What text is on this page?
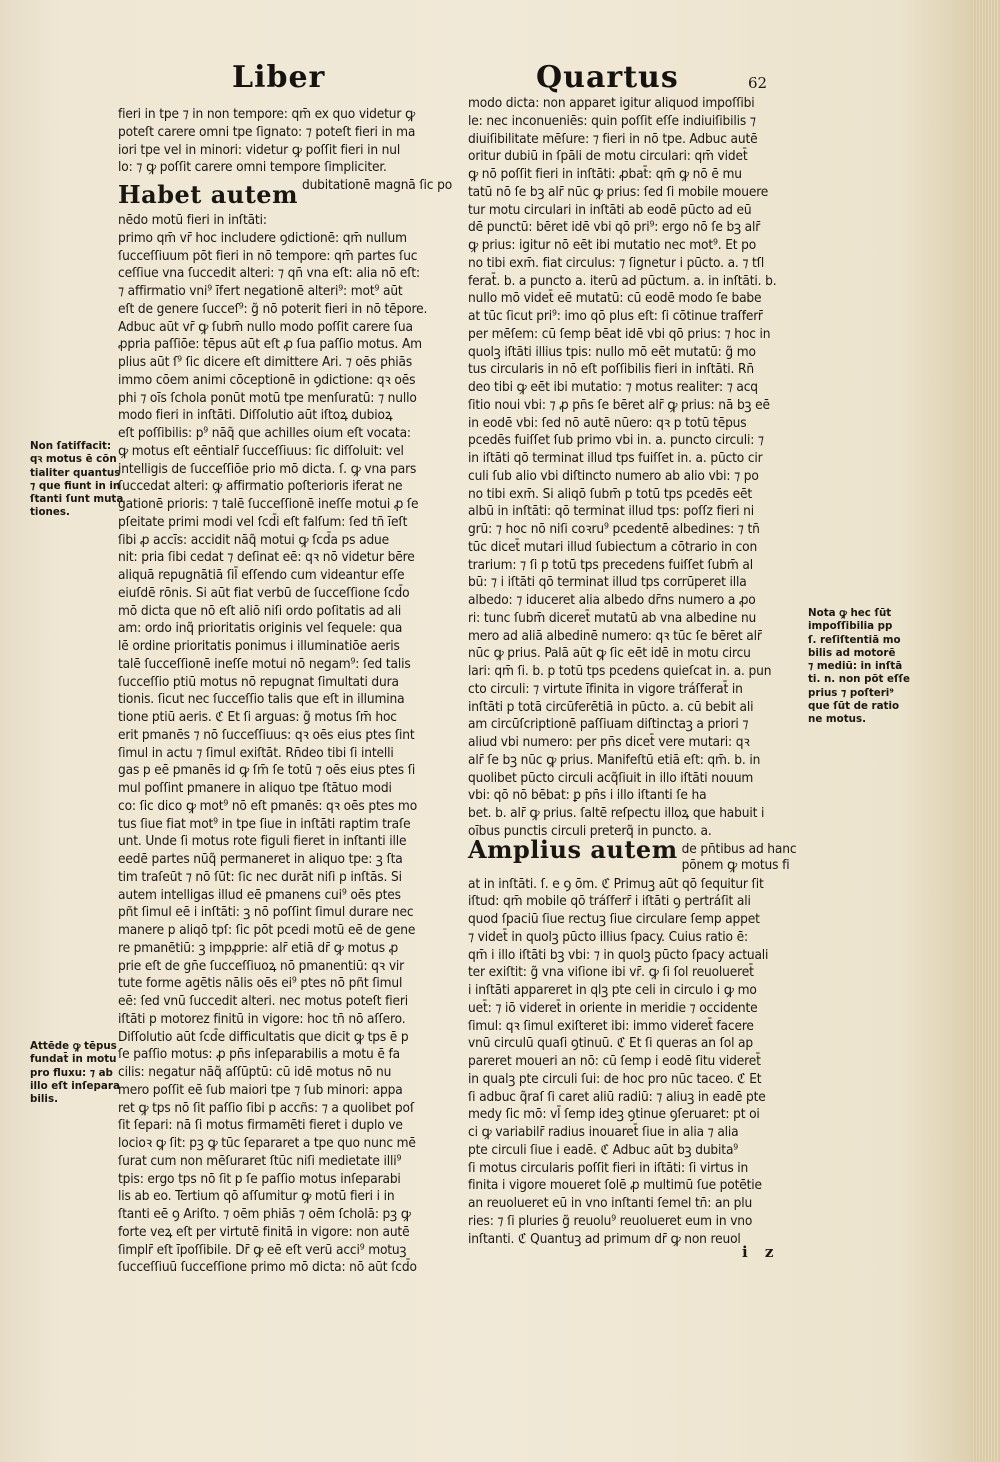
Liber	Quartus	62
fieri in tpe ⁊ in non tempore: qm̄ ex quo videtur ꝙ
poteſt carere omni tpe ſignato: ⁊ poteſt fieri in ma
iori tpe vel in minori: videtur ꝙ poſſit fieri in nul
lo: ⁊ ꝙ poſſit carere omni tempore ſimpliciter.
Habet autem dubitationē magnā ſic po
nēdo motū fieri in inſtāti:
primo qm̄ vr̄ hoc includere ꝯdictionē: qm̄ nullum
ſucceſſiuum pōt fieri in nō tempore: qm̄ partes ſuc
ceſſiue vna ſuccedit alteri: ⁊ qn̄ vna eſt: alia nō eſt:
⁊ affirmatio vni⁹ īfert negationē alteri⁹: mot⁹ aūt
eſt de genere ſucceſ⁹: g̃ nō poterit fieri in nō tēpore.
Adbuc aūt vr̄ ꝙ ſubm̄ nullo modo poſſit carere ſua
ꝓpria paſſiōe: tēpus aūt eſt ꝓ ſua paſſio motus. Am
plius aūt ſ⁹ ſic dicere eſt dimittere Ari. ⁊ oēs phiās
immo cōem animi cōceptionē in ꝯdictione: qꝛ oēs
phi ⁊ oīs ſchola ponūt motū tpe menſuratū: ⁊ nullo
modo fieri in inſtāti. Diſſolutio aūt iſtoꝝ dubioꝝ
eſt poſſibilis: p⁹ nāq̃ que achilles oium eſt vocata:
ꝙ motus eſt eēntialr̄ ſucceſſiuus: ſic diſſoluit: vel
intelligis de ſucceſſiōe prio mō dicta. ſ. ꝙ vna pars
ſuccedat alteri: ꝙ affirmatio poſterioris iferat ne
gationē prioris: ⁊ talē ſucceſſionē ineſſe motui ꝓ ſe
pſeitate primi modi vel ſcd̄i eſt falſum: ſed tn̄ īeſt
ſibi ꝓ accīs: accidit nāq̃ motui ꝙ ſcd̄a ps adue
nit: pria ſibi cedat ⁊ deſinat eē: qꝛ nō videtur bēre
aliquā repugnātiā ſil̄ eſſendo cum videantur eſſe
eiuſdē rōnis. Si aūt fiat verbū de ſucceſſione ſcd̄o
mō dicta que nō eſt aliō niſi ordo poſitatis ad ali
am: ordo inq̃ prioritatis originis vel ſequele: qua
lē ordine prioritatis ponimus i illuminatiōe aeris
talē ſucceſſionē ineſſe motui nō negam⁹: ſed talis
ſucceſſio ptiū motus nō repugnat ſimultati dura
tionis. ſicut nec ſucceſſio talis que eſt in illumina
tione ptiū aeris. ℭ Et ſi arguas: g̃ motus ſm̄ hoc
erit pmanēs ⁊ nō ſucceſſiuus: qꝛ oēs eius ptes ſint
ſimul in actu ⁊ ſimul exiſtāt. Rn̄deo tibi ſi intelli
gas p eē pmanēs id ꝙ ſm̄ ſe totū ⁊ oēs eius ptes ſi
mul poſſint pmanere in aliquo tpe ſtātuo modi
co: ſic dico ꝙ mot⁹ nō eſt pmanēs: qꝛ oēs ptes mo
tus ſiue fiat mot⁹ in tpe ſiue in inſtāti raptim traſe
unt. Unde ſi motus rote figuli fieret in inſtanti ille
eedē partes nūq̃ permaneret in aliquo tpe: ꝫ ſta
tim traſeūt ⁊ nō ſūt: ſic nec durāt niſi p inſtās. Si
autem intelligas illud eē pmanens cui⁹ oēs ptes
pñt ſimul eē i inſtāti: ꝫ nō poſſint ſimul durare nec
manere p aliqō tpſ: ſic pōt pcedi motū eē de gene
re pmanētiū: ꝫ impꝓprie: alr̄ etiā dr̄ ꝙ motus ꝓ
prie eſt de gn̄e ſucceſſiuoꝝ nō pmanentiū: qꝛ vir
tute forme agētis nālis oēs ei⁹ ptes nō pñt ſimul
eē: ſed vnū ſuccedit alteri. nec motus poteſt fieri
iſtāti p motorez finitū in vigore: hoc tn̄ nō aſſero.
Diſſolutio aūt ſcd̄e difficultatis que dicit ꝙ tps ē p
ſe paſſio motus: ꝓ pn̄s inſeparabilis a motu ē fa
cilis: negatur nāq̃ aſſūptū: cū idē motus nō nu
mero poſſit eē ſub maiori tpe ⁊ ſub minori: appa
ret ꝙ tps nō ſit paſſio ſibi p accñs: ⁊ a quolibet poſ
ſit ſepari: nā ſi motus firmamēti fieret i duplo ve
locioꝛ ꝙ ſit: pꝫ ꝙ tūc ſepararet a tpe quo nunc mē
ſurat cum non mēſuraret ſtūc niſi medietate illi⁹
tpis: ergo tps nō ſit p ſe paſſio motus inſeparabi
lis ab eo. Tertium qō aſſumitur ꝙ motū fieri i in
ſtanti eē ꝯ Ariſto. ⁊ oēm phiās ⁊ oēm ſcholā: pꝫ ꝙ
forte veꝝ eſt per virtutē finitā in vigore: non autē
ſimplr̄ eſt īpoſſibile. Dr̄ ꝙ eē eſt verū acci⁹ motuꝫ
ſucceſſiuū ſucceſſione primo mō dicta: nō aūt ſcd̄o
modo dicta: non apparet igitur aliquod impoſſibi
le: nec inconueniēs: quin poſſit eſſe indiuiſibilis ⁊
diuiſibilitate mēſure: ⁊ fieri in nō tpe. Adbuc autē
oritur dubiū in ſpāli de motu circulari: qm̄ videt̄
ꝙ nō poſſit fieri in inſtāti: ꝓbat̄: qm̄ ꝙ nō ē mu
tatū nō ſe bꝫ alr̄ nūc ꝙ prius: ſed ſi mobile mouere
tur motu circulari in inſtāti ab eodē pūcto ad eū
dē punctū: bēret idē vbi qō pri⁹: ergo nō ſe bꝫ alr̄
ꝙ prius: igitur nō eēt ibi mutatio nec mot⁹. Et po
no tibi exm̄. fiat circulus: ⁊ ſignetur i pūcto. a. ⁊ tſl
ferat̄. b. a puncto a. iterū ad pūctum. a. in inſtāti. b.
nullo mō videt̄ eē mutatū: cū eodē modo ſe babe
at tūc ſicut pri⁹: imo qō plus eſt: ſi cōtinue traſferr̄
per mēſem: cū ſemp bēat idē vbi qō prius: ⁊ hoc in
quolꝫ iſtāti illius tpis: nullo mō eēt mutatū: g̃ mo
tus circularis in nō eſt poſſibilis fieri in inſtāti. Rn̄
deo tibi ꝙ eēt ibi mutatio: ⁊ motus realiter: ⁊ acq
ſitio noui vbi: ⁊ ꝓ pn̄s ſe bēret alr̄ ꝙ prius: nā bꝫ eē
in eodē vbi: ſed nō autē nūero: qꝛ p totū tēpus
pcedēs fuiſſet ſub primo vbi in. a. puncto circuli: ⁊
in iſtāti qō terminat illud tps fuiſſet in. a. pūcto cir
culi ſub alio vbi diſtincto numero ab alio vbi: ⁊ po
no tibi exm̄. Si aliqō ſubm̄ p totū tps pcedēs eēt
albū in inſtāti: qō terminat illud tps: poſſz fieri ni
grū: ⁊ hoc nō niſi coꝛru⁹ pcedentē albedines: ⁊ tn̄
tūc dicet̄ mutari illud ſubiectum a cōtrario in con
trarium: ⁊ ſi p totū tps precedens fuiſſet ſubm̄ al
bū: ⁊ i iſtāti qō terminat illud tps corrūperet illa
albedo: ⁊ iduceret alia albedo dr̄ns numero a ꝓo
ri: tunc ſubm̄ diceret̄ mutatū ab vna albedine nu
mero ad aliā albedinē numero: qꝛ tūc ſe bēret alr̄
nūc ꝙ prius. Palā aūt ꝙ ſic eēt idē in motu circu
lari: qm̄ ſi. b. p totū tps pcedens quieſcat in. a. pun
cto circuli: ⁊ virtute īfinita in vigore tráſferat̄ in
inſtāti p totā circūferētiā in pūcto. a. cū bebit ali
am circūſcriptionē paſſiuam diſtinctaꝫ a priori ⁊
aliud vbi numero: per pn̄s dicet̄ vere mutari: qꝛ
alr̄ ſe bꝫ nūc ꝙ prius. Manifeſtū etiā eſt: qm̄. b. in
quolibet pūcto circuli acq̃ſiuit in illo iſtāti nouum
vbi: qō nō bēbat: ꝑ pn̄s i illo iſtanti ſe ha
bet. b. alr̄ ꝙ prius. ſaltē reſpectu illoꝝ que habuit i
oībus punctis circuli preterq̃ in puncto. a.
Amplius autem de pn̄tibus ad hanc
pōnem ꝙ motus fi
at in inſtāti. ſ. e ꝯ ōm. ℭ Primuꝫ aūt qō ſequitur ſit
iſtud: qm̄ mobile qō tráſferr̄ i iſtāti ꝯ pertráſit ali
quod ſpaciū ſiue rectuꝫ ſiue circulare ſemp appet
⁊ videt̄ in quolꝫ pūcto illius ſpacy. Cuius ratio ē:
qm̄ i illo iſtāti bꝫ vbi: ⁊ in quolꝫ pūcto ſpacy actuali
ter exiſtit: g̃ vna viſione ibi vr̄. ꝙ ſi ſol reuolueret̄
i inſtāti appareret in qlꝫ pte celi in circulo i ꝙ mo
uet̄: ⁊ iō videret̄ in oriente in meridie ⁊ occidente
ſimul: qꝛ ſimul exiſteret ibi: immo videret̄ facere
vnū circulū quaſi ꝯtinuū. ℭ Et ſi queras an ſol ap
pareret moueri an nō: cū ſemp i eodē ſitu videret̄
in qualꝫ pte circuli ſui: de hoc pro nūc taceo. ℭ Et
ſi adbuc q̃raſ ſi caret aliū radiū: ⁊ aliuꝫ in eadē pte
medy ſic mō: vl̄ ſemp ideꝫ ꝯtinue ꝯſeruaret: pt oi
ci ꝙ variabilr̄ radius inouaret̄ ſiue in alia ⁊ alia
pte circuli ſiue i eadē. ℭ Adbuc aūt bꝫ dubita⁹
ſi motus circularis poſſit fieri in iſtāti: ſi virtus in
finita i vigore moueret ſolē ꝓ multimū ſue potētie
an reuolueret eū in vno inſtanti ſemel tn̄: an plu
ries: ⁊ ſi pluries g̃ reuolu⁹ reuolueret eum in vno
inſtanti. ℭ Quantuꝫ ad primum dr̄ ꝙ non reuol
Non ſatiſfacit:
qꝛ motus ē cōn
tialiter quantus
⁊ que fiunt in in
ſtanti ſunt muta
tiones.
Attēde ꝙ tēpus
fundat̄ in motu
pro fluxu: ⁊ ab
illo eſt inſepara
bilis.
Nota ꝙ hec ſūt
impoſſibilia pp
ſ. reſiſtentiā mo
bilis ad motorē
⁊ mediū: in inſtā
ti. n. non pōt eſſe
prius ⁊ poſteri⁹
que ſūt de ratio
ne motus.
i z
